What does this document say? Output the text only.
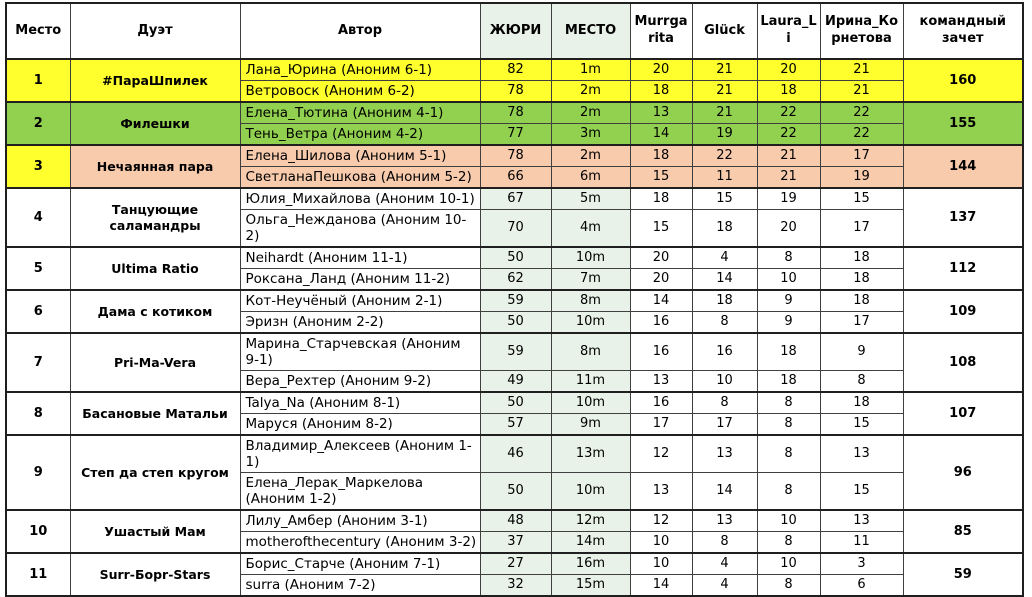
Место	Дуэт	Автор	ЖЮРИ	МЕСТО	Murrgarita	Glück	Laura_Li	Ирина_Корнетова	командный зачет
1	#ПараШпилек	Лана_Юрина (Аноним 6-1)	82	1m	20	21	20	21	160
		Ветровоск (Аноним 6-2)	78	2m	18	21	18	21	
2	Филешки	Елена_Тютина (Аноним 4-1)	78	2m	13	21	22	22	155
		Тень_Ветра (Аноним 4-2)	77	3m	14	19	22	22	
3	Нечаянная пара	Елена_Шилова (Аноним 5-1)	78	2m	18	22	21	17	144
		СветланаПешкова (Аноним 5-2)	66	6m	15	11	21	19	
4	Танцующие саламандры	Юлия_Михайлова (Аноним 10-1)	67	5m	18	15	19	15	137
		Ольга_Нежданова (Аноним 10-2)	70	4m	15	18	20	17	
5	Ultima Ratio	Neihardt (Аноним 11-1)	50	10m	20	4	8	18	112
		Роксана_Ланд (Аноним 11-2)	62	7m	20	14	10	18	
6	Дама с котиком	Кот-Неучёный (Аноним 2-1)	59	8m	14	18	9	18	109
		Эризн (Аноним 2-2)	50	10m	16	8	9	17	
7	Pri-Ma-Vera	Марина_Старчевская (Аноним 9-1)	59	8m	16	16	18	9	108
		Вера_Рехтер (Аноним 9-2)	49	11m	13	10	18	8	
8	Басановые Матальи	Talya_Na (Аноним 8-1)	50	10m	16	8	8	18	107
		Маруся (Аноним 8-2)	57	9m	17	17	8	15	
9	Степ да степ кругом	Владимир_Алексеев (Аноним 1-1)	46	13m	12	13	8	13	96
		Елена_Лерак_Маркелова (Аноним 1-2)	50	10m	13	14	8	15	
10	Ушастый Мам	Лилу_Амбер (Аноним 3-1)	48	12m	12	13	10	13	85
		motherofthecentury (Аноним 3-2)	37	14m	10	8	8	11	
11	Surr-Борr-Stars	Борис_Старче (Аноним 7-1)	27	16m	10	4	10	3	59
		surra (Аноним 7-2)	32	15m	14	4	8	6	
